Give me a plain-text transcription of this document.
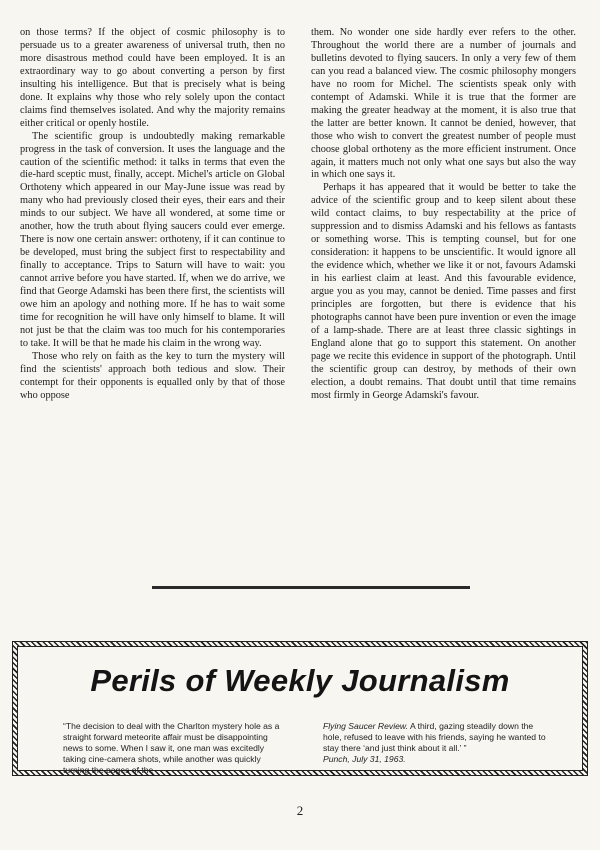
on those terms? If the object of cosmic philosophy is to persuade us to a greater awareness of universal truth, then no more disastrous method could have been employed. It is an extraordinary way to go about converting a person by first insulting his intelligence. But that is precisely what is being done. It explains why those who rely solely upon the contact claims find themselves isolated. And why the majority remains either critical or openly hostile.

The scientific group is undoubtedly making remarkable progress in the task of conversion. It uses the language and the caution of the scientific method: it talks in terms that even the die-hard sceptic must, finally, accept. Michel's article on Global Orthoteny which appeared in our May-June issue was read by many who had previously closed their eyes, their ears and their minds to our subject. We have all wondered, at some time or another, how the truth about flying saucers could ever emerge. There is now one certain answer: orthoteny, if it can continue to be developed, must bring the subject first to respectability and finally to acceptance. Trips to Saturn will have to wait: you cannot arrive before you have started. If, when we do arrive, we find that George Adamski has been there first, the scientists will owe him an apology and nothing more. If he has to wait some time for recognition he will have only himself to blame. It will not just be that the claim was too much for his contemporaries to take. It will be that he made his claim in the wrong way.

Those who rely on faith as the key to turn the mystery will find the scientists' approach both tedious and slow. Their contempt for their opponents is equalled only by that of those who oppose

them. No wonder one side hardly ever refers to the other. Throughout the world there are a number of journals and bulletins devoted to flying saucers. In only a very few of them can you read a balanced view. The cosmic philosophy mongers have no room for Michel. The scientists speak only with contempt of Adamski. While it is true that the former are making the greater headway at the moment, it is also true that the latter are better known. It cannot be denied, however, that those who wish to convert the greatest number of people must choose global orthoteny as the more efficient instrument. Once again, it matters much not only what one says but also the way in which one says it.

Perhaps it has appeared that it would be better to take the advice of the scientific group and to keep silent about these wild contact claims, to buy respectability at the price of suppression and to dismiss Adamski and his fellows as fantasts or something worse. This is tempting counsel, but for one consideration: it happens to be unscientific. It would ignore all the evidence which, whether we like it or not, favours Adamski in his earliest claim at least. And this favourable evidence, argue you as you may, cannot be denied. Time passes and first principles are forgotten, but there is evidence that his photographs cannot have been pure invention or even the image of a lamp-shade. There are at least three classic sightings in England alone that go to support this statement. On another page we recite this evidence in support of the photograph. Until the scientific group can destroy, by methods of their own election, a doubt remains. That doubt until that time remains most firmly in George Adamski's favour.

Perils of Weekly Journalism

“The decision to deal with the Charlton mystery hole as a straight forward meteorite affair must be disappointing news to some. When I saw it, one man was excitedly taking cine-camera shots, while another was quickly turning the pages of the

Flying Saucer Review. A third, gazing steadily down the hole, refused to leave with his friends, saying he wanted to stay there ‘and just think about it all.’ ”

Punch, July 31, 1963.

2
